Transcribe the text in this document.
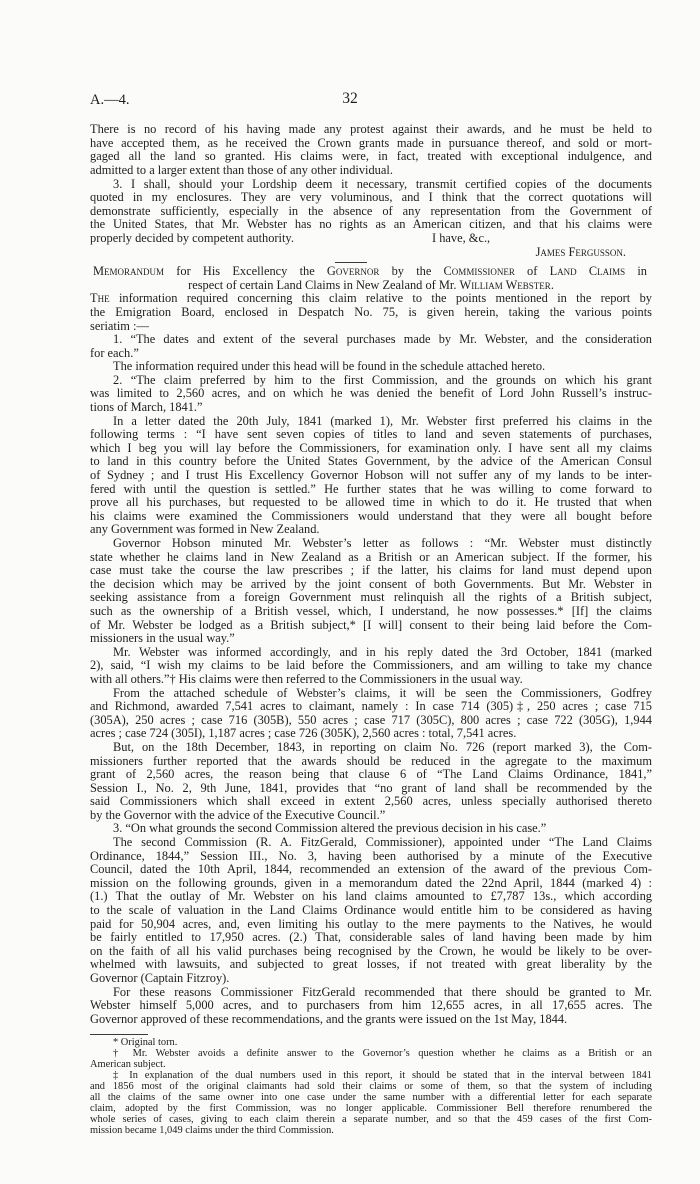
A.—4.	32
There is no record of his having made any protest against their awards, and he must be held to
have accepted them, as he received the Crown grants made in pursuance thereof, and sold or mort-
gaged all the land so granted. His claims were, in fact, treated with exceptional indulgence, and
admitted to a larger extent than those of any other individual.
3. I shall, should your Lordship deem it necessary, transmit certified copies of the documents
quoted in my enclosures. They are very voluminous, and I think that the correct quotations will
demonstrate sufficiently, especially in the absence of any representation from the Government of
the United States, that Mr. Webster has no rights as an American citizen, and that his claims were
properly decided by competent authority.	I have, &c.,
James Fergusson.
Memorandum for His Excellency the Governor by the Commissioner of Land Claims in
respect of certain Land Claims in New Zealand of Mr. William Webster.
The information required concerning this claim relative to the points mentioned in the report by
the Emigration Board, enclosed in Despatch No. 75, is given herein, taking the various points
seriatim :—
1. “The dates and extent of the several purchases made by Mr. Webster, and the consideration
for each.”
The information required under this head will be found in the schedule attached hereto.
2. “The claim preferred by him to the first Commission, and the grounds on which his grant
was limited to 2,560 acres, and on which he was denied the benefit of Lord John Russell’s instruc-
tions of March, 1841.”
In a letter dated the 20th July, 1841 (marked 1), Mr. Webster first preferred his claims in the
following terms : “I have sent seven copies of titles to land and seven statements of purchases,
which I beg you will lay before the Commissioners, for examination only. I have sent all my claims
to land in this country before the United States Government, by the advice of the American Consul
of Sydney ; and I trust His Excellency Governor Hobson will not suffer any of my lands to be inter-
fered with until the question is settled.” He further states that he was willing to come forward to
prove all his purchases, but requested to be allowed time in which to do it. He trusted that when
his claims were examined the Commissioners would understand that they were all bought before
any Government was formed in New Zealand.
Governor Hobson minuted Mr. Webster’s letter as follows : “Mr. Webster must distinctly
state whether he claims land in New Zealand as a British or an American subject. If the former, his
case must take the course the law prescribes ; if the latter, his claims for land must depend upon
the decision which may be arrived by the joint consent of both Governments. But Mr. Webster in
seeking assistance from a foreign Government must relinquish all the rights of a British subject,
such as the ownership of a British vessel, which, I understand, he now possesses.* [If] the claims
of Mr. Webster be lodged as a British subject,* [I will] consent to their being laid before the Com-
missioners in the usual way.”
Mr. Webster was informed accordingly, and in his reply dated the 3rd October, 1841 (marked
2), said, “I wish my claims to be laid before the Commissioners, and am willing to take my chance
with all others.”† His claims were then referred to the Commissioners in the usual way.
From the attached schedule of Webster’s claims, it will be seen the Commissioners, Godfrey
and Richmond, awarded 7,541 acres to claimant, namely : In case 714 (305)‡, 250 acres ; case 715
(305A), 250 acres ; case 716 (305B), 550 acres ; case 717 (305C), 800 acres ; case 722 (305G), 1,944
acres ; case 724 (305I), 1,187 acres ; case 726 (305K), 2,560 acres : total, 7,541 acres.
But, on the 18th December, 1843, in reporting on claim No. 726 (report marked 3), the Com-
missioners further reported that the awards should be reduced in the agregate to the maximum
grant of 2,560 acres, the reason being that clause 6 of “The Land Claims Ordinance, 1841,”
Session I., No. 2, 9th June, 1841, provides that “no grant of land shall be recommended by the
said Commissioners which shall exceed in extent 2,560 acres, unless specially authorised thereto
by the Governor with the advice of the Executive Council.”
3. “On what grounds the second Commission altered the previous decision in his case.”
The second Commission (R. A. FitzGerald, Commissioner), appointed under “The Land Claims
Ordinance, 1844,” Session III., No. 3, having been authorised by a minute of the Executive
Council, dated the 10th April, 1844, recommended an extension of the award of the previous Com-
mission on the following grounds, given in a memorandum dated the 22nd April, 1844 (marked 4) :
(1.) That the outlay of Mr. Webster on his land claims amounted to £7,787 13s., which according
to the scale of valuation in the Land Claims Ordinance would entitle him to be considered as having
paid for 50,904 acres, and, even limiting his outlay to the mere payments to the Natives, he would
be fairly entitled to 17,950 acres. (2.) That, considerable sales of land having been made by him
on the faith of all his valid purchases being recognised by the Crown, he would be likely to be over-
whelmed with lawsuits, and subjected to great losses, if not treated with great liberality by the
Governor (Captain Fitzroy).
For these reasons Commissioner FitzGerald recommended that there should be granted to Mr.
Webster himself 5,000 acres, and to purchasers from him 12,655 acres, in all 17,655 acres. The
Governor approved of these recommendations, and the grants were issued on the 1st May, 1844.
* Original torn.
† Mr. Webster avoids a definite answer to the Governor’s question whether he claims as a British or an
American subject.
‡ In explanation of the dual numbers used in this report, it should be stated that in the interval between 1841
and 1856 most of the original claimants had sold their claims or some of them, so that the system of including
all the claims of the same owner into one case under the same number with a differential letter for each separate
claim, adopted by the first Commission, was no longer applicable. Commissioner Bell therefore renumbered the
whole series of cases, giving to each claim therein a separate number, and so that the 459 cases of the first Com-
mission became 1,049 claims under the third Commission.
